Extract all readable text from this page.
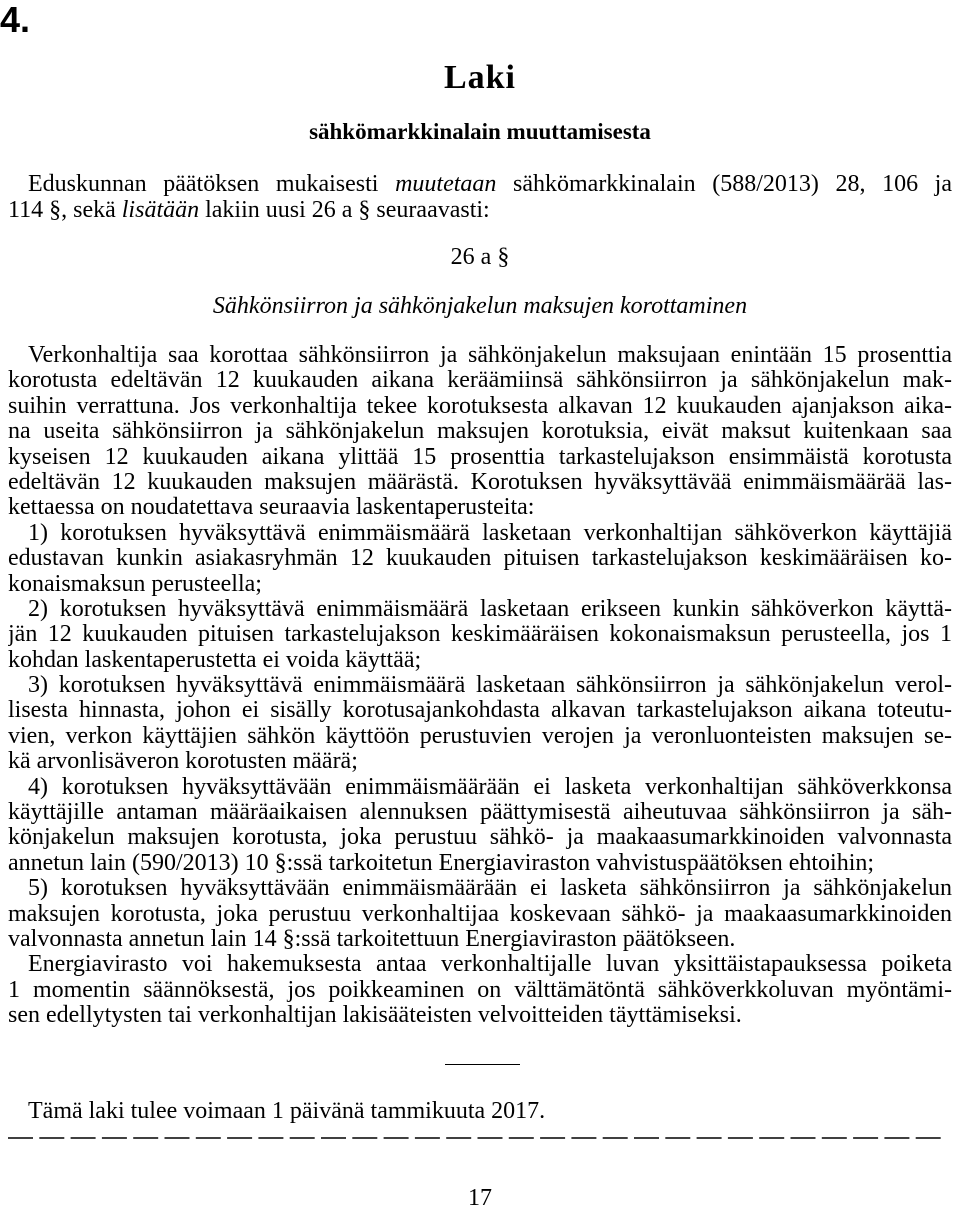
4.
Laki
sähkömarkkinalain muuttamisesta
Eduskunnan päätöksen mukaisesti muutetaan sähkömarkkinalain (588/2013) 28, 106 ja
114 §, sekä lisätään lakiin uusi 26 a § seuraavasti:
26 a §
Sähkönsiirron ja sähkönjakelun maksujen korottaminen
Verkonhaltija saa korottaa sähkönsiirron ja sähkönjakelun maksujaan enintään 15 prosenttia
korotusta edeltävän 12 kuukauden aikana keräämiinsä sähkönsiirron ja sähkönjakelun mak-
suihin verrattuna. Jos verkonhaltija tekee korotuksesta alkavan 12 kuukauden ajanjakson aika-
na useita sähkönsiirron ja sähkönjakelun maksujen korotuksia, eivät maksut kuitenkaan saa
kyseisen 12 kuukauden aikana ylittää 15 prosenttia tarkastelujakson ensimmäistä korotusta
edeltävän 12 kuukauden maksujen määrästä. Korotuksen hyväksyttävää enimmäismäärää las-
kettaessa on noudatettava seuraavia laskentaperusteita:
1) korotuksen hyväksyttävä enimmäismäärä lasketaan verkonhaltijan sähköverkon käyttäjiä
edustavan kunkin asiakasryhmän 12 kuukauden pituisen tarkastelujakson keskimääräisen ko-
konaismaksun perusteella;
2) korotuksen hyväksyttävä enimmäismäärä lasketaan erikseen kunkin sähköverkon käyttä-
jän 12 kuukauden pituisen tarkastelujakson keskimääräisen kokonaismaksun perusteella, jos 1
kohdan laskentaperustetta ei voida käyttää;
3) korotuksen hyväksyttävä enimmäismäärä lasketaan sähkönsiirron ja sähkönjakelun verol-
lisesta hinnasta, johon ei sisälly korotusajankohdasta alkavan tarkastelujakson aikana toteutu-
vien, verkon käyttäjien sähkön käyttöön perustuvien verojen ja veronluonteisten maksujen se-
kä arvonlisäveron korotusten määrä;
4) korotuksen hyväksyttävään enimmäismäärään ei lasketa verkonhaltijan sähköverkkonsa
käyttäjille antaman määräaikaisen alennuksen päättymisestä aiheutuvaa sähkönsiirron ja säh-
könjakelun maksujen korotusta, joka perustuu sähkö- ja maakaasumarkkinoiden valvonnasta
annetun lain (590/2013) 10 §:ssä tarkoitetun Energiaviraston vahvistuspäätöksen ehtoihin;
5) korotuksen hyväksyttävään enimmäismäärään ei lasketa sähkönsiirron ja sähkönjakelun
maksujen korotusta, joka perustuu verkonhaltijaa koskevaan sähkö- ja maakaasumarkkinoiden
valvonnasta annetun lain 14 §:ssä tarkoitettuun Energiaviraston päätökseen.
Energiavirasto voi hakemuksesta antaa verkonhaltijalle luvan yksittäistapauksessa poiketa
1 momentin säännöksestä, jos poikkeaminen on välttämätöntä sähköverkkoluvan myöntämi-
sen edellytysten tai verkonhaltijan lakisääteisten velvoitteiden täyttämiseksi.
Tämä laki tulee voimaan 1 päivänä tammikuuta 2017.
17
